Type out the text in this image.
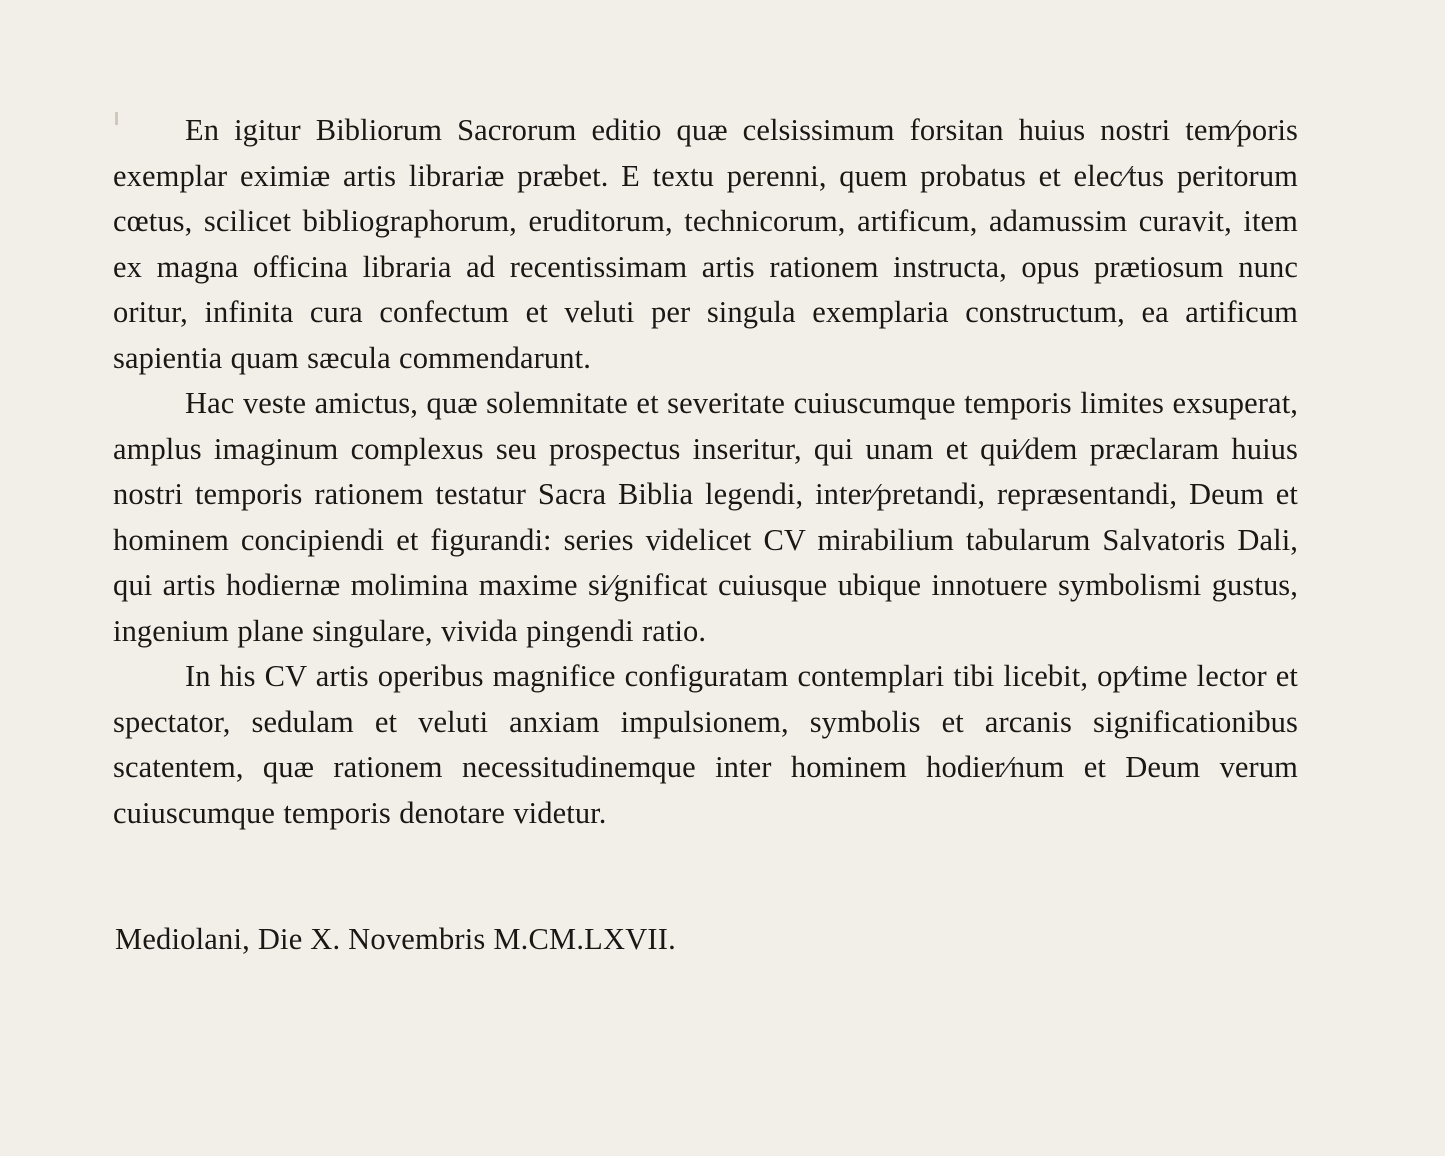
En igitur Bibliorum Sacrorum editio quæ celsissimum forsitan huius nostri tem⁄poris exemplar eximiæ artis librariæ præbet. E textu perenni, quem probatus et elec⁄tus peritorum cœtus, scilicet bibliographorum, eruditorum, technicorum, artificum, adamussim curavit, item ex magna officina libraria ad recentissimam artis rationem instructa, opus prætiosum nunc oritur, infinita cura confectum et veluti per singula exemplaria constructum, ea artificum sapientia quam sæcula commendarunt.

Hac veste amictus, quæ solemnitate et severitate cuiuscumque temporis limites exsuperat, amplus imaginum complexus seu prospectus inseritur, qui unam et qui⁄dem præclaram huius nostri temporis rationem testatur Sacra Biblia legendi, inter⁄pretandi, repræsentandi, Deum et hominem concipiendi et figurandi: series videlicet CV mirabilium tabularum Salvatoris Dali, qui artis hodiernæ molimina maxime si⁄gnificat cuiusque ubique innotuere symbolismi gustus, ingenium plane singulare, vivida pingendi ratio.

In his CV artis operibus magnifice configuratam contemplari tibi licebit, op⁄time lector et spectator, sedulam et veluti anxiam impulsionem, symbolis et arcanis significationibus scatentem, quæ rationem necessitudinemque inter hominem hodier⁄num et Deum verum cuiuscumque temporis denotare videtur.

Mediolani, Die X. Novembris M.CM.LXVII.
